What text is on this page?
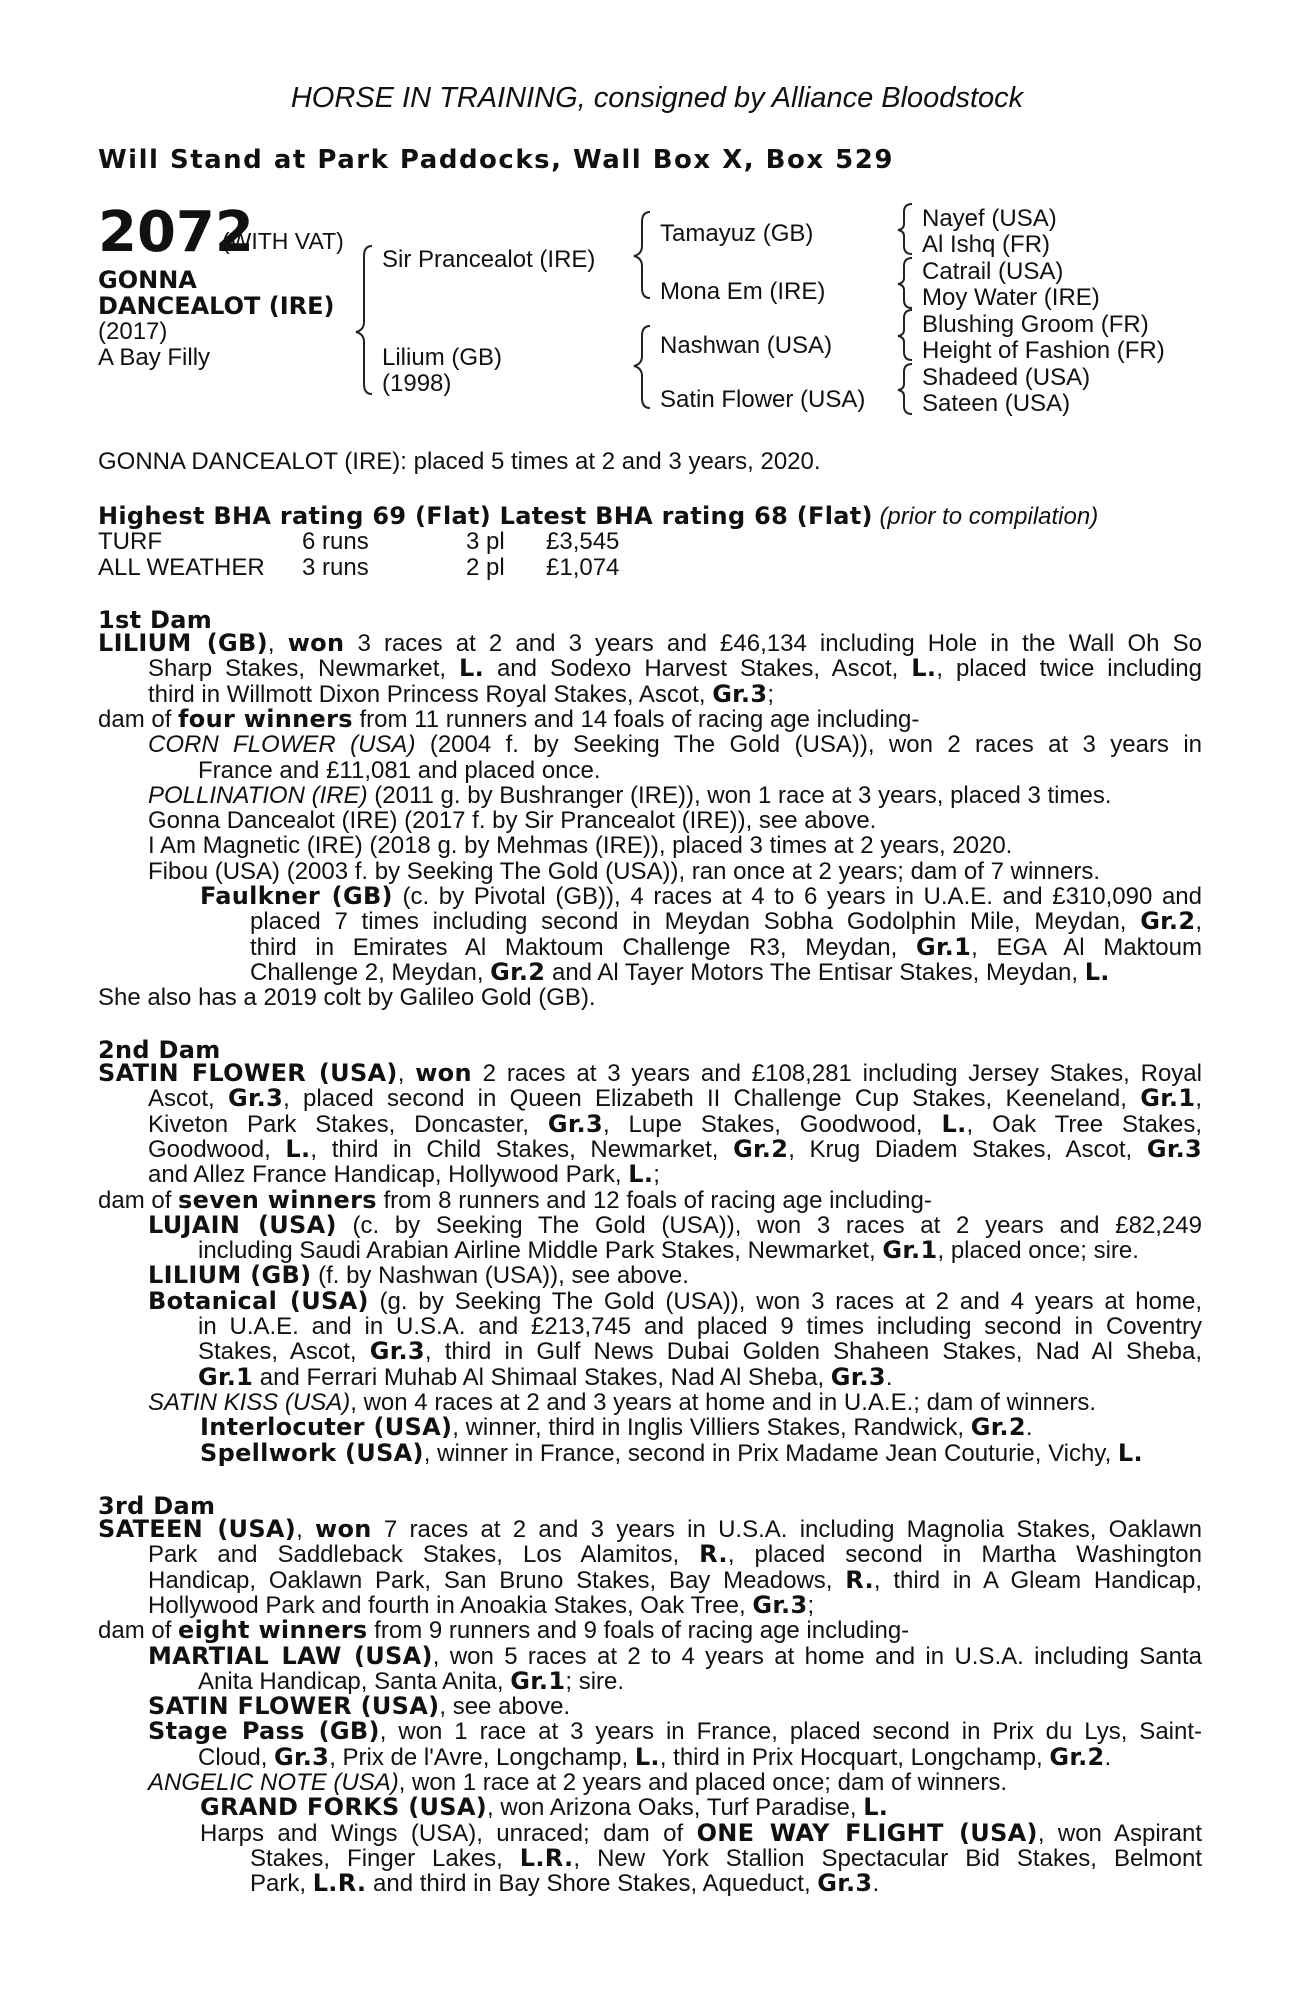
HORSE IN TRAINING, consigned by Alliance Bloodstock
Will Stand at Park Paddocks, Wall Box X, Box 529
2072
(WITH VAT)
GONNA
DANCEALOT (IRE)
(2017)
A Bay Filly
Sir Prancealot (IRE)
Lilium (GB)
(1998)
Tamayuz (GB)
Mona Em (IRE)
Nashwan (USA)
Satin Flower (USA)
Nayef (USA)
Al Ishq (FR)
Catrail (USA)
Moy Water (IRE)
Blushing Groom (FR)
Height of Fashion (FR)
Shadeed (USA)
Sateen (USA)
GONNA DANCEALOT (IRE): placed 5 times at 2 and 3 years, 2020.
Highest BHA rating 69 (Flat) Latest BHA rating 68 (Flat) (prior to compilation)
TURF	6 runs	3 pl £3,545
ALL WEATHER 3 runs	2 pl £1,074
1st Dam
LILIUM (GB), won 3 races at 2 and 3 years and £46,134 including Hole in the Wall Oh So
Sharp Stakes, Newmarket, L. and Sodexo Harvest Stakes, Ascot, L., placed twice including
third in Willmott Dixon Princess Royal Stakes, Ascot, Gr.3;
dam of four winners from 11 runners and 14 foals of racing age including-
CORN FLOWER (USA) (2004 f. by Seeking The Gold (USA)), won 2 races at 3 years in
France and £11,081 and placed once.
POLLINATION (IRE) (2011 g. by Bushranger (IRE)), won 1 race at 3 years, placed 3 times.
Gonna Dancealot (IRE) (2017 f. by Sir Prancealot (IRE)), see above.
I Am Magnetic (IRE) (2018 g. by Mehmas (IRE)), placed 3 times at 2 years, 2020.
Fibou (USA) (2003 f. by Seeking The Gold (USA)), ran once at 2 years; dam of 7 winners.
Faulkner (GB) (c. by Pivotal (GB)), 4 races at 4 to 6 years in U.A.E. and £310,090 and
placed 7 times including second in Meydan Sobha Godolphin Mile, Meydan, Gr.2,
third in Emirates Al Maktoum Challenge R3, Meydan, Gr.1, EGA Al Maktoum
Challenge 2, Meydan, Gr.2 and Al Tayer Motors The Entisar Stakes, Meydan, L.
She also has a 2019 colt by Galileo Gold (GB).
2nd Dam
SATIN FLOWER (USA), won 2 races at 3 years and £108,281 including Jersey Stakes, Royal
Ascot, Gr.3, placed second in Queen Elizabeth II Challenge Cup Stakes, Keeneland, Gr.1,
Kiveton Park Stakes, Doncaster, Gr.3, Lupe Stakes, Goodwood, L., Oak Tree Stakes,
Goodwood, L., third in Child Stakes, Newmarket, Gr.2, Krug Diadem Stakes, Ascot, Gr.3
and Allez France Handicap, Hollywood Park, L.;
dam of seven winners from 8 runners and 12 foals of racing age including-
LUJAIN (USA) (c. by Seeking The Gold (USA)), won 3 races at 2 years and £82,249
including Saudi Arabian Airline Middle Park Stakes, Newmarket, Gr.1, placed once; sire.
LILIUM (GB) (f. by Nashwan (USA)), see above.
Botanical (USA) (g. by Seeking The Gold (USA)), won 3 races at 2 and 4 years at home,
in U.A.E. and in U.S.A. and £213,745 and placed 9 times including second in Coventry
Stakes, Ascot, Gr.3, third in Gulf News Dubai Golden Shaheen Stakes, Nad Al Sheba,
Gr.1 and Ferrari Muhab Al Shimaal Stakes, Nad Al Sheba, Gr.3.
SATIN KISS (USA), won 4 races at 2 and 3 years at home and in U.A.E.; dam of winners.
Interlocuter (USA), winner, third in Inglis Villiers Stakes, Randwick, Gr.2.
Spellwork (USA), winner in France, second in Prix Madame Jean Couturie, Vichy, L.
3rd Dam
SATEEN (USA), won 7 races at 2 and 3 years in U.S.A. including Magnolia Stakes, Oaklawn
Park and Saddleback Stakes, Los Alamitos, R., placed second in Martha Washington
Handicap, Oaklawn Park, San Bruno Stakes, Bay Meadows, R., third in A Gleam Handicap,
Hollywood Park and fourth in Anoakia Stakes, Oak Tree, Gr.3;
dam of eight winners from 9 runners and 9 foals of racing age including-
MARTIAL LAW (USA), won 5 races at 2 to 4 years at home and in U.S.A. including Santa
Anita Handicap, Santa Anita, Gr.1; sire.
SATIN FLOWER (USA), see above.
Stage Pass (GB), won 1 race at 3 years in France, placed second in Prix du Lys, Saint-
Cloud, Gr.3, Prix de l'Avre, Longchamp, L., third in Prix Hocquart, Longchamp, Gr.2.
ANGELIC NOTE (USA), won 1 race at 2 years and placed once; dam of winners.
GRAND FORKS (USA), won Arizona Oaks, Turf Paradise, L.
Harps and Wings (USA), unraced; dam of ONE WAY FLIGHT (USA), won Aspirant
Stakes, Finger Lakes, L.R., New York Stallion Spectacular Bid Stakes, Belmont
Park, L.R. and third in Bay Shore Stakes, Aqueduct, Gr.3.
